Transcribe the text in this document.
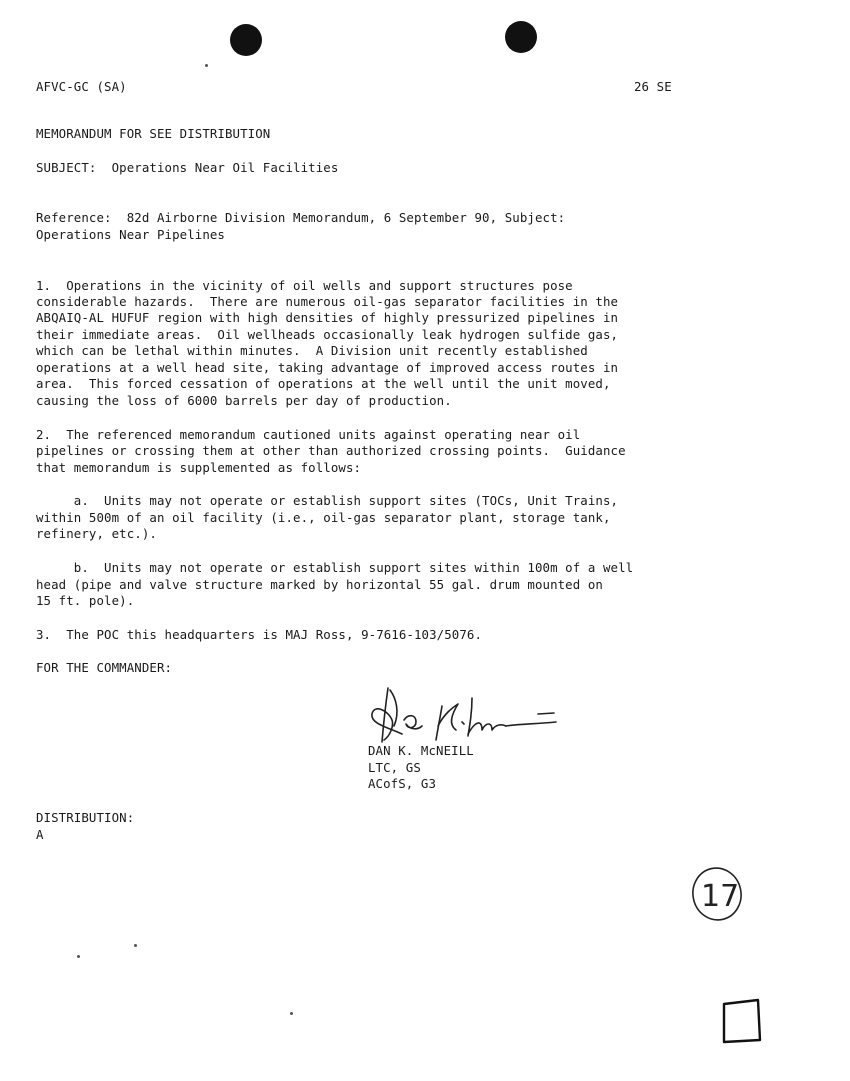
AFVC-GC (SA)	26 SE
MEMORANDUM FOR SEE DISTRIBUTION
SUBJECT:  Operations Near Oil Facilities
Reference:  82d Airborne Division Memorandum, 6 September 90, Subject:
Operations Near Pipelines
1.  Operations in the vicinity of oil wells and support structures pose
considerable hazards.  There are numerous oil-gas separator facilities in the
ABQAIQ-AL HUFUF region with high densities of highly pressurized pipelines in
their immediate areas.  Oil wellheads occasionally leak hydrogen sulfide gas,
which can be lethal within minutes.  A Division unit recently established
operations at a well head site, taking advantage of improved access routes in
area.  This forced cessation of operations at the well until the unit moved,
causing the loss of 6000 barrels per day of production.
2.  The referenced memorandum cautioned units against operating near oil
pipelines or crossing them at other than authorized crossing points.  Guidance
that memorandum is supplemented as follows:
a.  Units may not operate or establish support sites (TOCs, Unit Trains,
within 500m of an oil facility (i.e., oil-gas separator plant, storage tank,
refinery, etc.).
b.  Units may not operate or establish support sites within 100m of a well
head (pipe and valve structure marked by horizontal 55 gal. drum mounted on
15 ft. pole).
3.  The POC this headquarters is MAJ Ross, 9-7616-103/5076.
FOR THE COMMANDER:
DAN K. McNEILL
LTC, GS
ACofS, G3
DISTRIBUTION:
A
17
